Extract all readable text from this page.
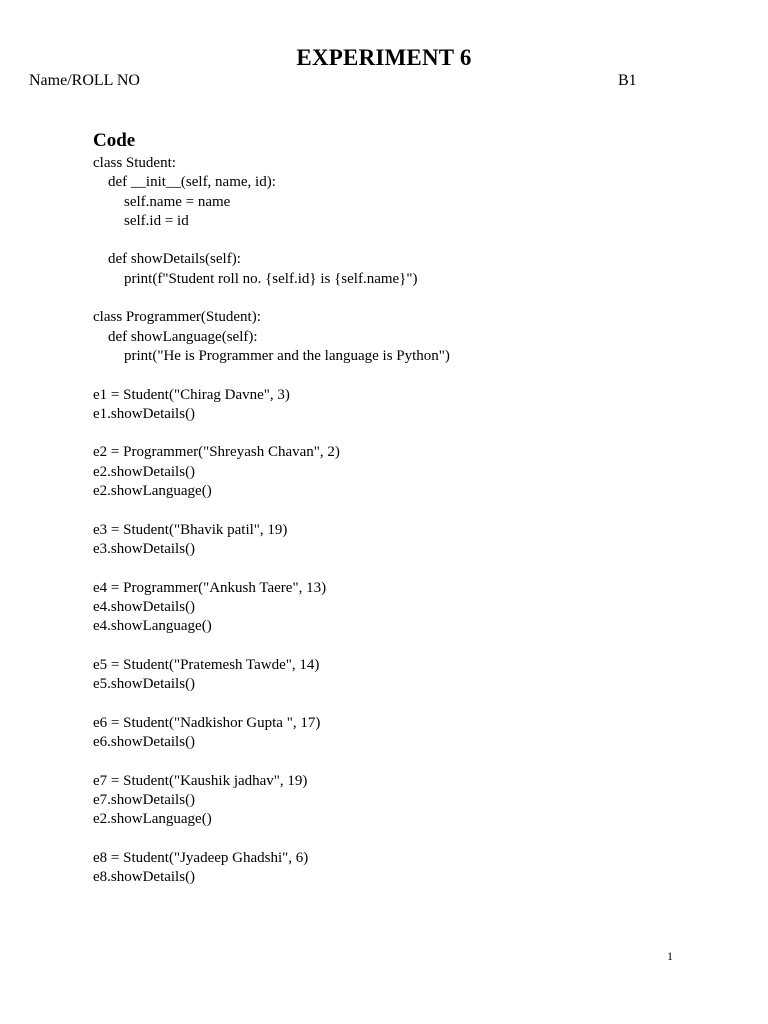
EXPERIMENT 6
Name/ROLL NO	B1
Code
class Student:
def __init__(self, name, id):
self.name = name
self.id = id
def showDetails(self):
print(f"Student roll no. {self.id} is {self.name}")
class Programmer(Student):
def showLanguage(self):
print("He is Programmer and the language is Python")
e1 = Student("Chirag Davne", 3)
e1.showDetails()
e2 = Programmer("Shreyash Chavan", 2)
e2.showDetails()
e2.showLanguage()
e3 = Student("Bhavik patil", 19)
e3.showDetails()
e4 = Programmer("Ankush Taere", 13)
e4.showDetails()
e4.showLanguage()
e5 = Student("Pratemesh Tawde", 14)
e5.showDetails()
e6 = Student("Nadkishor Gupta ", 17)
e6.showDetails()
e7 = Student("Kaushik jadhav", 19)
e7.showDetails()
e2.showLanguage()
e8 = Student("Jyadeep Ghadshi", 6)
e8.showDetails()
1
